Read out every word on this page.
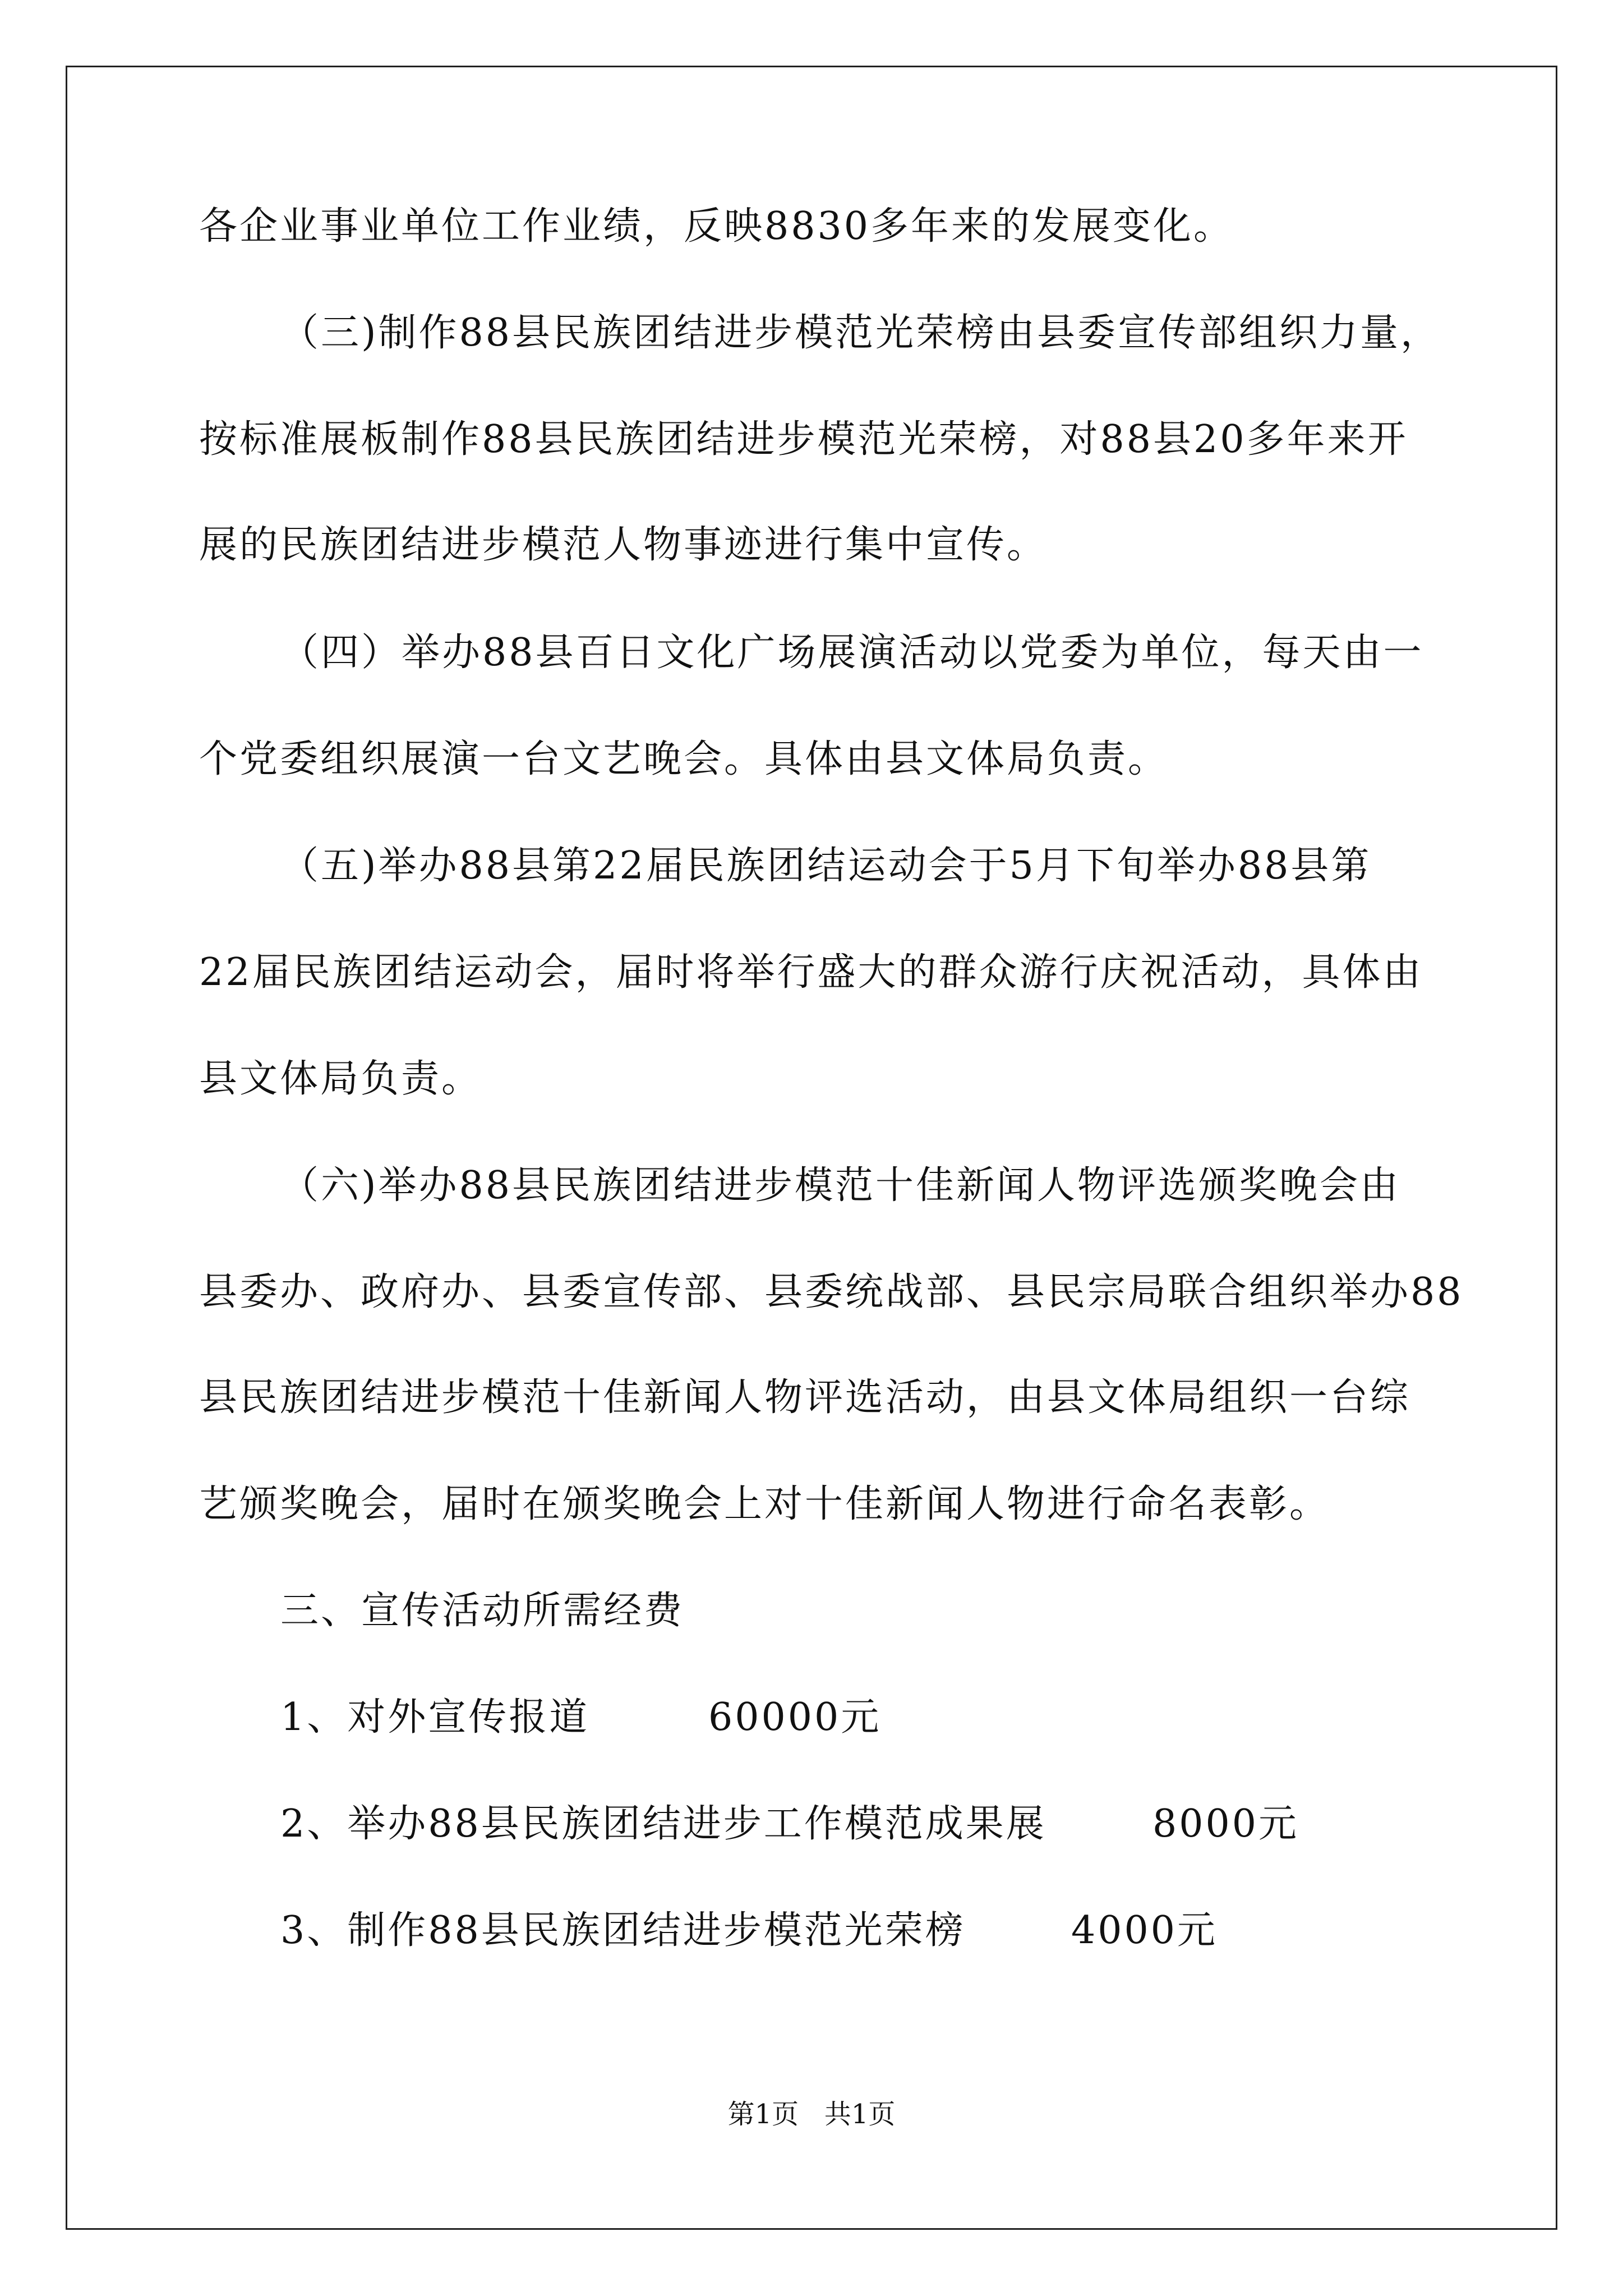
各企业事业单位工作业绩，反映8830多年来的发展变化。
（三)制作88县民族团结进步模范光荣榜由县委宣传部组织力量，
按标准展板制作88县民族团结进步模范光荣榜，对88县20多年来开
展的民族团结进步模范人物事迹进行集中宣传。
（四）举办88县百日文化广场展演活动以党委为单位，每天由一
个党委组织展演一台文艺晚会。具体由县文体局负责。
（五)举办88县第22届民族团结运动会于5月下旬举办88县第
22届民族团结运动会，届时将举行盛大的群众游行庆祝活动，具体由
县文体局负责。
（六)举办88县民族团结进步模范十佳新闻人物评选颁奖晚会由
县委办、政府办、县委宣传部、县委统战部、县民宗局联合组织举办88
县民族团结进步模范十佳新闻人物评选活动，由县文体局组织一台综
艺颁奖晚会，届时在颁奖晚会上对十佳新闻人物进行命名表彰。
三、宣传活动所需经费
1、对外宣传报道	60000元
2、举办88县民族团结进步工作模范成果展	8000元
3、制作88县民族团结进步模范光荣榜	4000元
第1页   共1页
